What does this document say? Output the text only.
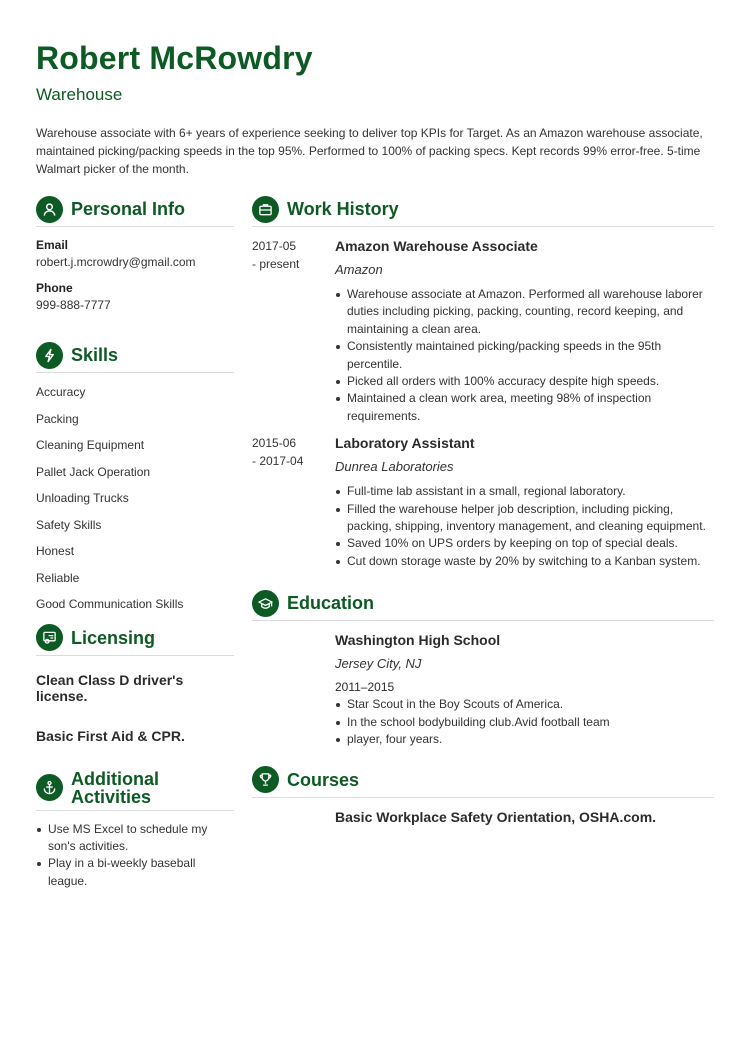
Robert McRowdry
Warehouse
Warehouse associate with 6+ years of experience seeking to deliver top KPIs for Target. As an Amazon warehouse associate, maintained picking/packing speeds in the top 95%. Performed to 100% of packing specs. Kept records 99% error-free. 5-time Walmart picker of the month.
Personal Info
Email
robert.j.mcrowdry@gmail.com
Phone
999-888-7777
Skills
Accuracy
Packing
Cleaning Equipment
Pallet Jack Operation
Unloading Trucks
Safety Skills
Honest
Reliable
Good Communication Skills
Licensing
Clean Class D driver's license.
Basic First Aid & CPR.
Additional
Activities
Use MS Excel to schedule my son's activities.
Play in a bi-weekly baseball league.
Work History
2017-05
- present
Amazon Warehouse Associate
Amazon
Warehouse associate at Amazon. Performed all warehouse laborer duties including picking, packing, counting, record keeping, and maintaining a clean area.
Consistently maintained picking/packing speeds in the 95th percentile.
Picked all orders with 100% accuracy despite high speeds.
Maintained a clean work area, meeting 98% of inspection requirements.
2015-06
- 2017-04
Laboratory Assistant
Dunrea Laboratories
Full-time lab assistant in a small, regional laboratory.
Filled the warehouse helper job description, including picking, packing, shipping, inventory management, and cleaning equipment.
Saved 10% on UPS orders by keeping on top of special deals.
Cut down storage waste by 20% by switching to a Kanban system.
Education
Washington High School
Jersey City, NJ
2011–2015
Star Scout in the Boy Scouts of America.
In the school bodybuilding club.Avid football team
player, four years.
Courses
Basic Workplace Safety Orientation, OSHA.com.
